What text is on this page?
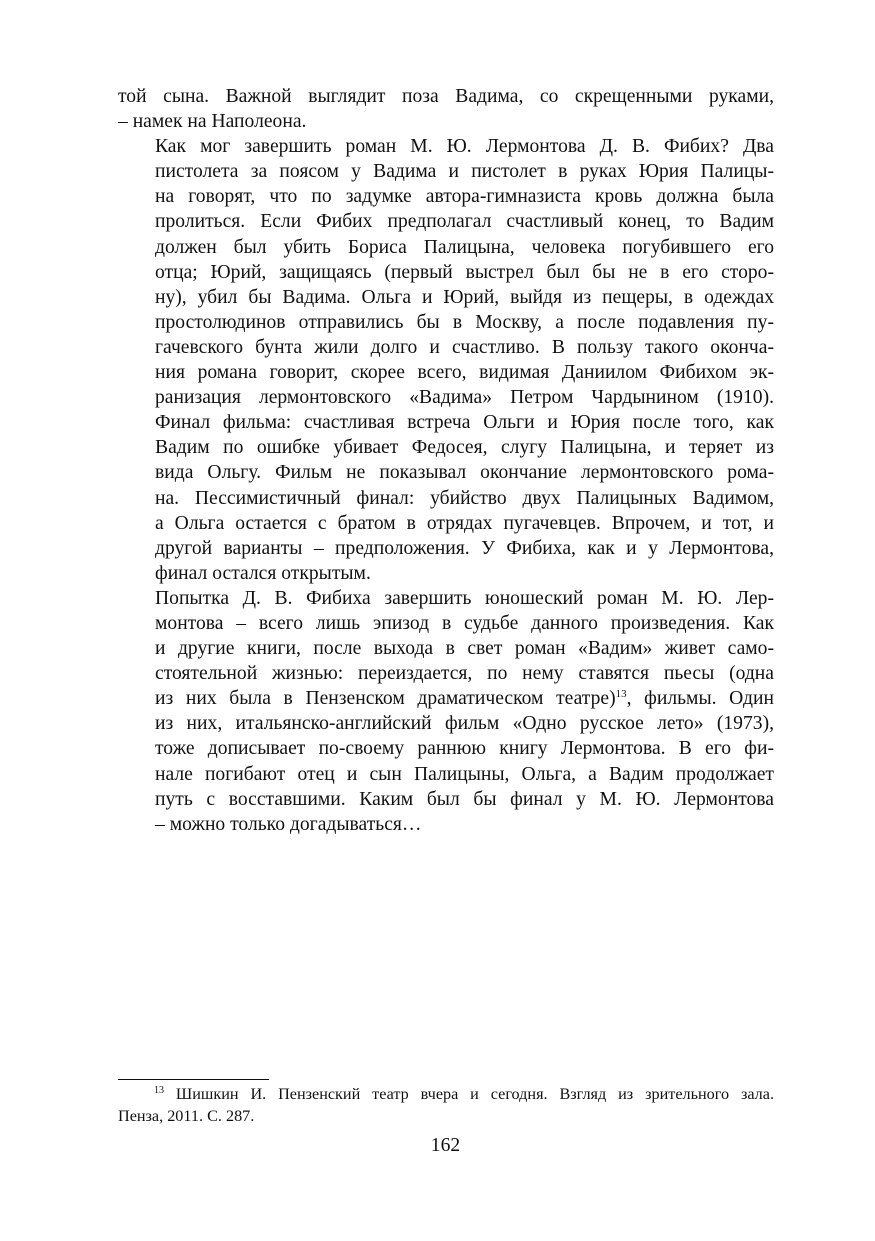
той сына. Важной выглядит поза Вадима, со скрещенными руками,
– намек на Наполеона.

Как мог завершить роман М. Ю. Лермонтова Д. В. Фибих? Два
пистолета за поясом у Вадима и пистолет в руках Юрия Палицы-
на говорят, что по задумке автора-гимназиста кровь должна была
пролиться. Если Фибих предполагал счастливый конец, то Вадим
должен был убить Бориса Палицына, человека погубившего его
отца; Юрий, защищаясь (первый выстрел был бы не в его сторо-
ну), убил бы Вадима. Ольга и Юрий, выйдя из пещеры, в одеждах
простолюдинов отправились бы в Москву, а после подавления пу-
гачевского бунта жили долго и счастливо. В пользу такого оконча-
ния романа говорит, скорее всего, видимая Даниилом Фибихом эк-
ранизация лермонтовского «Вадима» Петром Чардынином (1910).
Финал фильма: счастливая встреча Ольги и Юрия после того, как
Вадим по ошибке убивает Федосея, слугу Палицына, и теряет из
вида Ольгу. Фильм не показывал окончание лермонтовского рома-
на. Пессимистичный финал: убийство двух Палицыных Вадимом,
а Ольга остается с братом в отрядах пугачевцев. Впрочем, и тот, и
другой варианты – предположения. У Фибиха, как и у Лермонтова,
финал остался открытым.

Попытка Д. В. Фибиха завершить юношеский роман М. Ю. Лер-
монтова – всего лишь эпизод в судьбе данного произведения. Как
и другие книги, после выхода в свет роман «Вадим» живет само-
стоятельной жизнью: переиздается, по нему ставятся пьесы (одна
из них была в Пензенском драматическом театре)$^{13}$, фильмы. Один
из них, итальянско-английский фильм «Одно русское лето» (1973),
тоже дописывает по-своему раннюю книгу Лермонтова. В его фи-
нале погибают отец и сын Палицыны, Ольга, а Вадим продолжает
путь с восставшими. Каким был бы финал у М. Ю. Лермонтова
– можно только догадываться…

$^{13}$ Шишкин И. Пензенский театр вчера и сегодня. Взгляд из зрительного зала.
Пенза, 2011. С. 287.
162
